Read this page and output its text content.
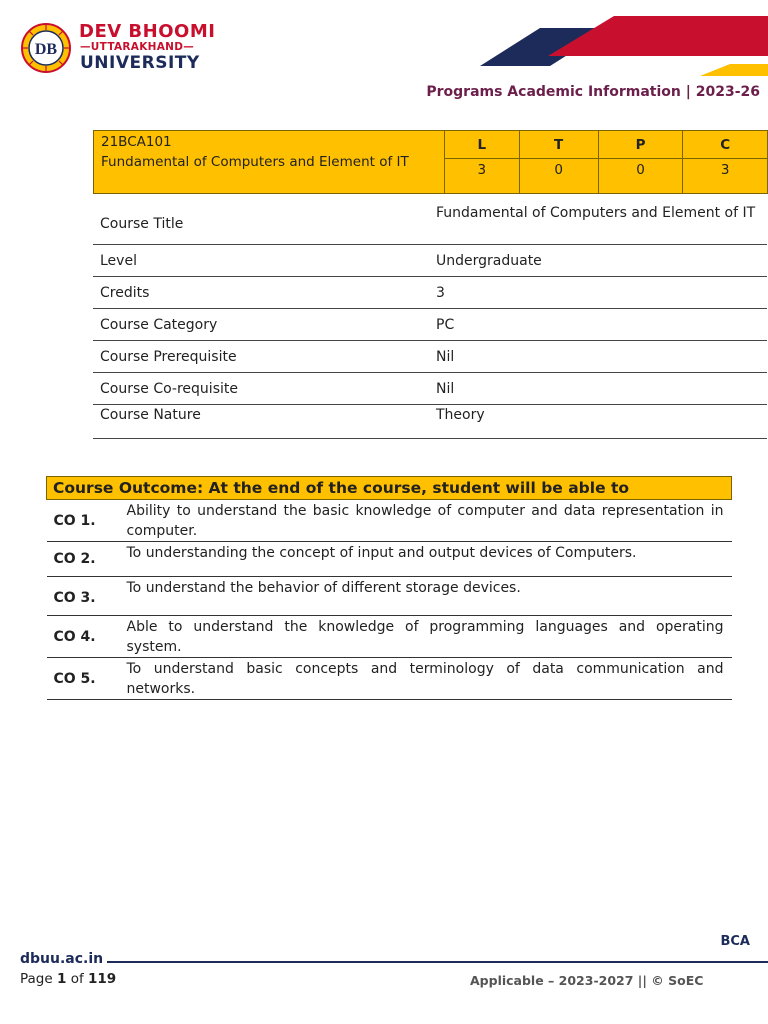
DB
DEV BHOOMI
—UTTARAKHAND—
UNIVERSITY
Programs Academic Information | 2023-26
21BCA101
Fundamental of Computers and Element of IT	L	T	P	C
	3	0	0	3
Course Title	Fundamental of Computers and Element of IT
Level	Undergraduate
Credits	3
Course Category	PC
Course Prerequisite	Nil
Course Co-requisite	Nil
Course Nature	Theory
Course Outcome: At the end of the course, student will be able to	
CO 1.	Ability to understand the basic knowledge of computer and data representation in computer.
CO 2.	To understanding the concept of input and output devices of Computers.
CO 3.	To understand the behavior of different storage devices.
CO 4.	Able to understand the knowledge of programming languages and operating system.
CO 5.	To understand basic concepts and terminology of data communication and networks.
BCA
dbuu.ac.in
Page 1 of 119	Applicable – 2023-2027 || © SoEC
